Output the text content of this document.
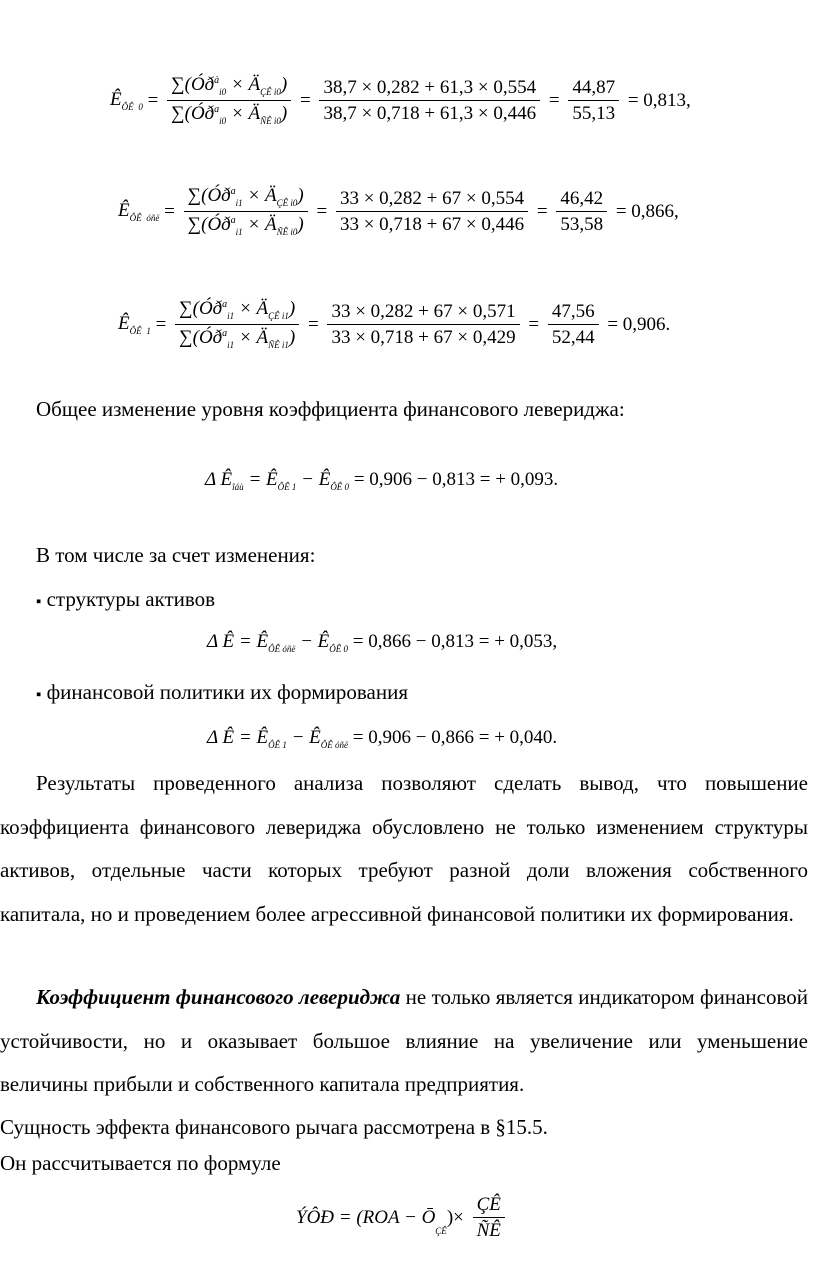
$Ê_{ÔÊ}$ $_0 = \frac{\sum(Óð^à_{i0} \times Ä_{ÇÊ i0})}{\sum(Óð^a_{i0} \times Ä_{ÑÊ i0})} = \frac{38,7 \times 0,282 + 61,3 \times 0,554}{38,7 \times 0,718 + 61,3 \times 0,446} = \frac{44,87}{55,13} = 0,813$,
$Ê_{ÔÊ}$ $_{óñë} = \frac{\sum(Óð^a_{i1} \times Ä_{ÇÊ i0})}{\sum(Óð^a_{i1} \times Ä_{ÑÊ i0})} = \frac{33 \times 0,282 + 67 \times 0,554}{33 \times 0,718 + 67 \times 0,446} = \frac{46,42}{53,58} = 0,866$,
$Ê_{ÔÊ}$ $_1 = \frac{\sum(Óð^a_{i1} \times Ä_{ÇÊ i1})}{\sum(Óð^a_{i1} \times Ä_{ÑÊ i1})} = \frac{33 \times 0,282 + 67 \times 0,571}{33 \times 0,718 + 67 \times 0,429} = \frac{47,56}{52,44} = 0,906$.
Общее изменение уровня коэффициента финансового левериджа:
Δ $Ê_{îáù}$ = $Ê_{ÔÊ 1}$ − $Ê_{ÔÊ 0} = 0,906 - 0,813$ = + 0,093.
В том числе за счет изменения:
▪ структуры активов
Δ Ê = $Ê_{ÔÊ óñë}$ − $Ê_{ÔÊ 0} = 0,866 - 0,813$ = + 0,053,
▪ финансовой политики их формирования
Δ Ê = $Ê_{ÔÊ 1}$ − $Ê_{ÔÊ óñë} = 0,906 - 0,866$ = + 0,040.
Результаты проведенного анализа позволяют сделать вывод, что повышение коэффициента финансового левериджа обусловлено не только изменением структуры активов, отдельные части которых требуют разной доли вложения собственного капитала, но и проведением более агрессивной финансовой политики их формирования.
Коэффициент финансового левериджа не только является индикатором финансовой устойчивости, но и оказывает большое влияние на увеличение или уменьшение величины прибыли и собственного капитала предприятия.
Сущность эффекта финансового рычага рассмотрена в §15.5.
Он рассчитывается по формуле
ÝÔÐ = $(ROA - Ō_{ÇÊ})\times \frac{ÇÊ}{ÑÊ}$
